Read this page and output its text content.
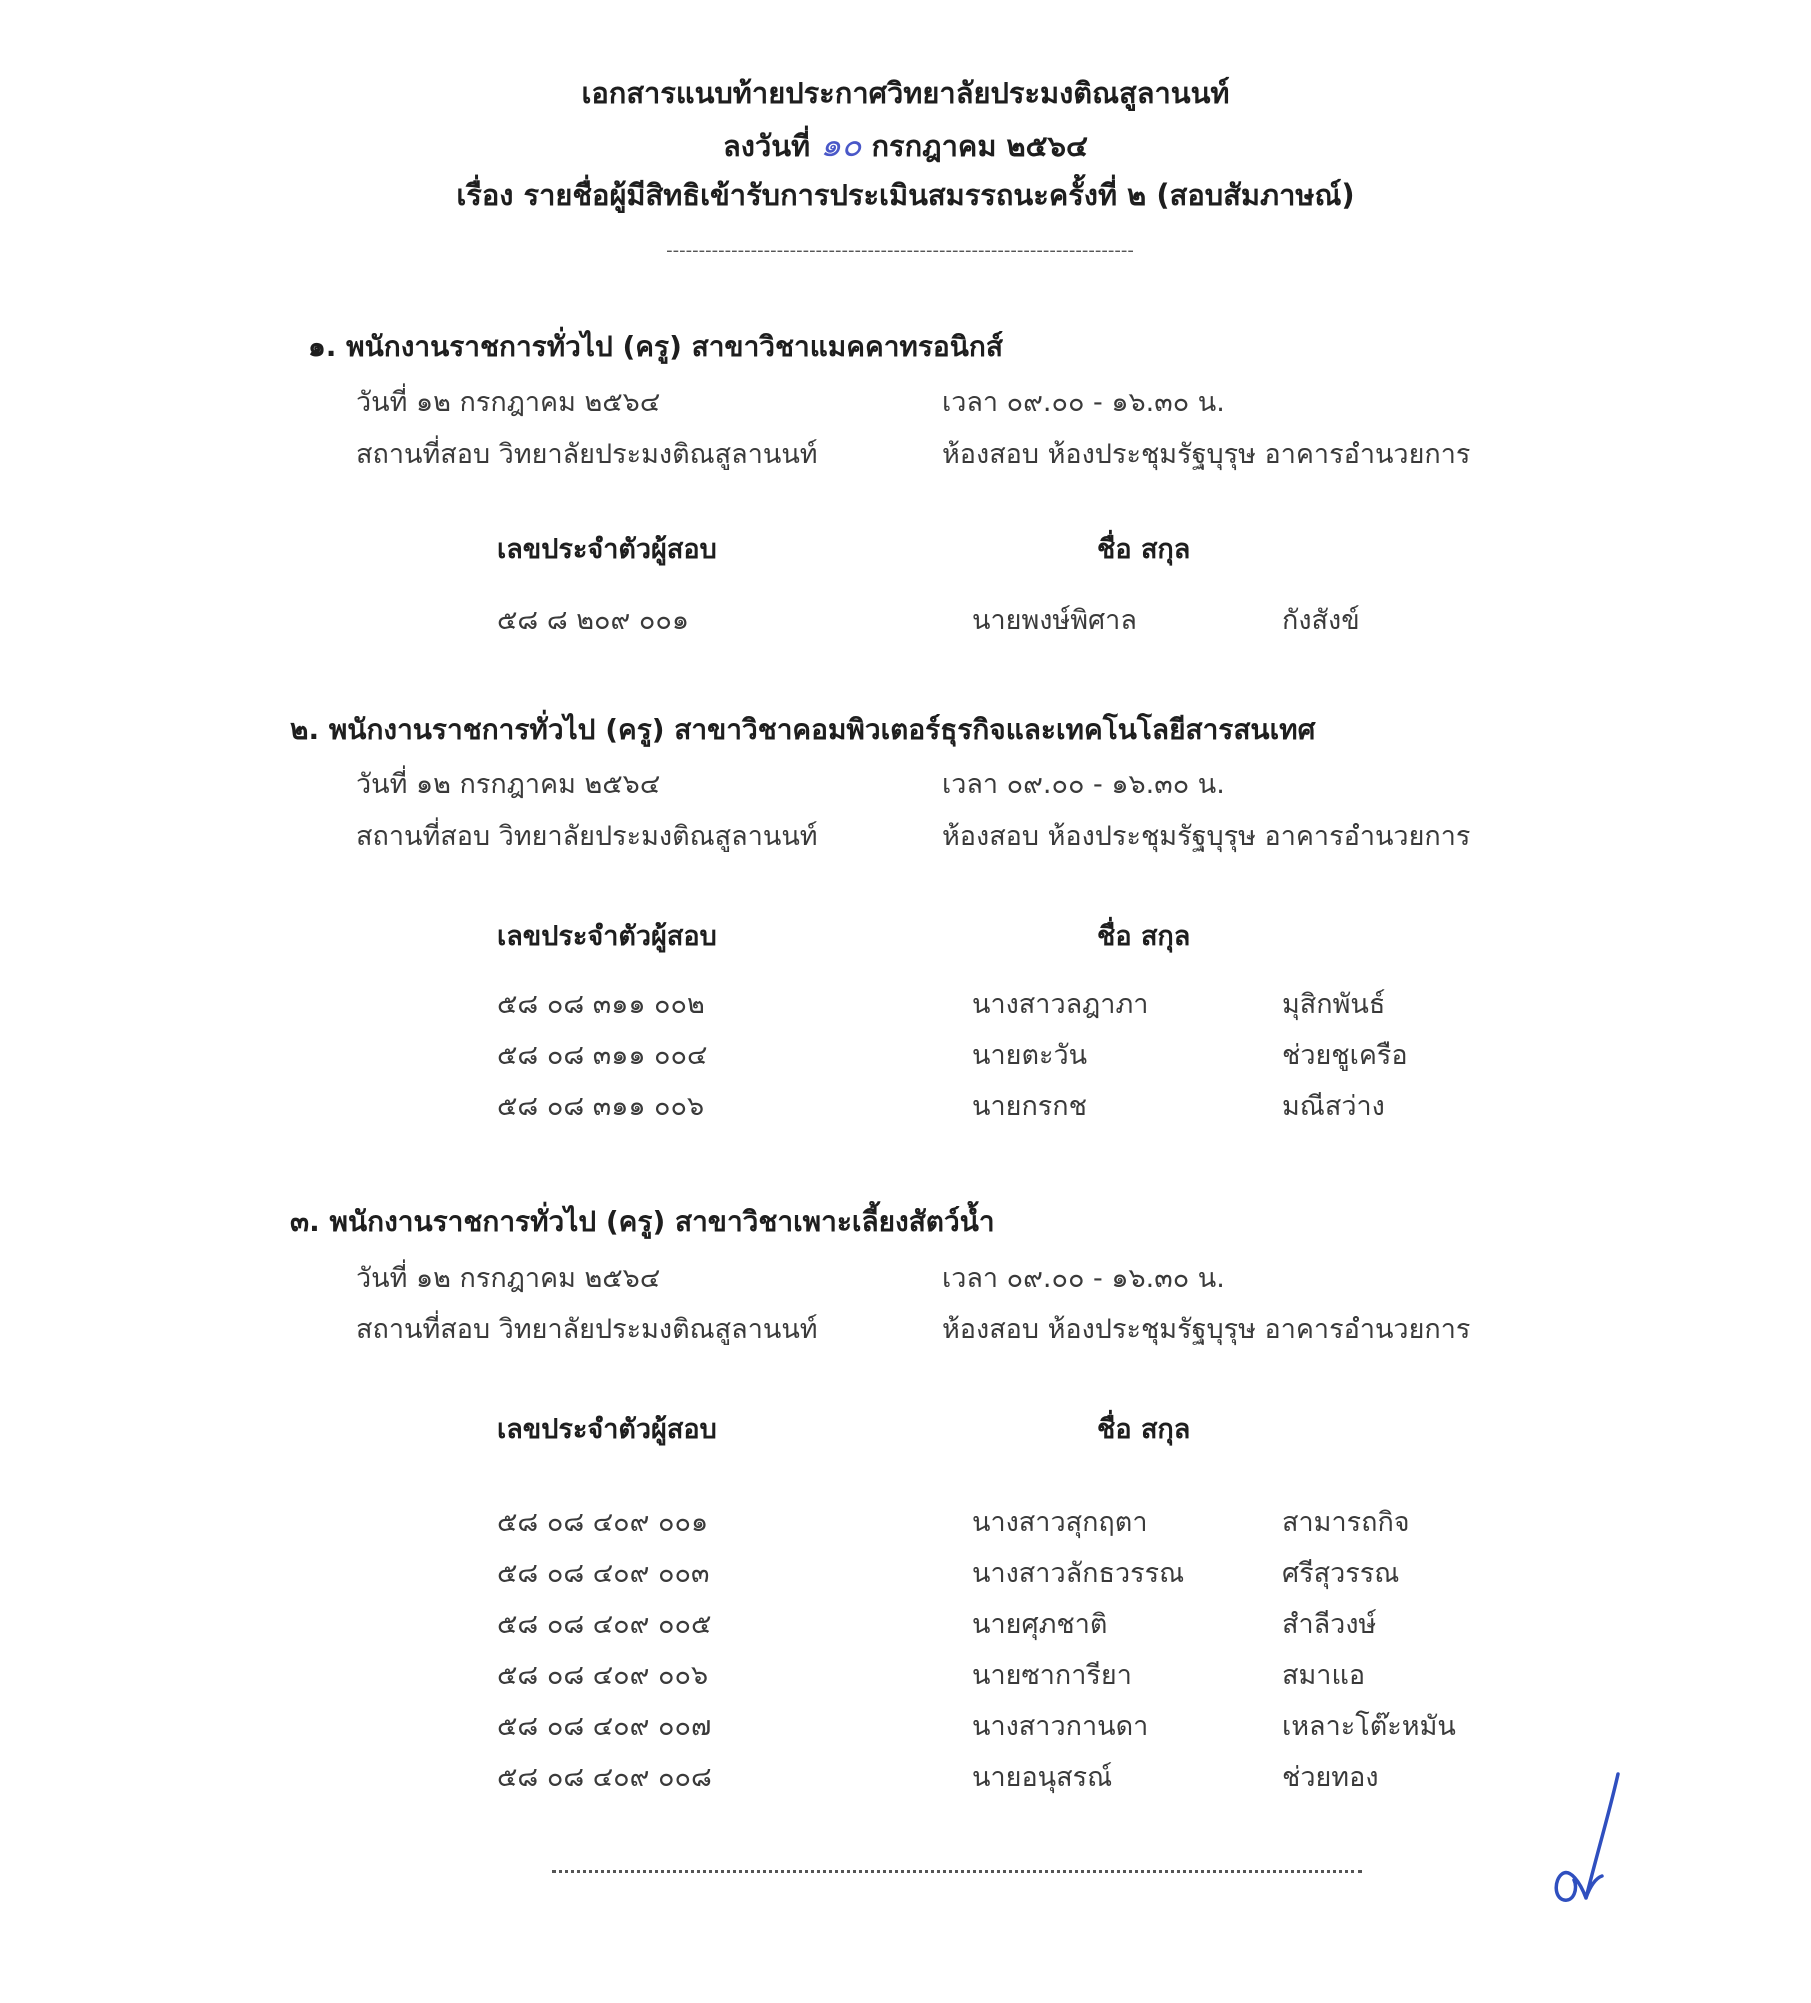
เอกสารแนบท้ายประกาศวิทยาลัยประมงติณสูลานนท์
ลงวันที่ ๑๐ กรกฎาคม ๒๕๖๔
เรื่อง รายชื่อผู้มีสิทธิเข้ารับการประเมินสมรรถนะครั้งที่ ๒ (สอบสัมภาษณ์)
------------------------------------------------------------------------
๑. พนักงานราชการทั่วไป (ครู) สาขาวิชาแมคคาทรอนิกส์
วันที่ ๑๒ กรกฎาคม ๒๕๖๔	เวลา ๐๙.๐๐ - ๑๖.๓๐ น.
สถานที่สอบ วิทยาลัยประมงติณสูลานนท์	ห้องสอบ ห้องประชุมรัฐบุรุษ อาคารอำนวยการ
เลขประจำตัวผู้สอบ	ชื่อ สกุล
๕๘ ๘ ๒๐๙ ๐๐๑	นายพงษ์พิศาล	กังสังข์
๒. พนักงานราชการทั่วไป (ครู) สาขาวิชาคอมพิวเตอร์ธุรกิจและเทคโนโลยีสารสนเทศ
วันที่ ๑๒ กรกฎาคม ๒๕๖๔	เวลา ๐๙.๐๐ - ๑๖.๓๐ น.
สถานที่สอบ วิทยาลัยประมงติณสูลานนท์	ห้องสอบ ห้องประชุมรัฐบุรุษ อาคารอำนวยการ
เลขประจำตัวผู้สอบ	ชื่อ สกุล
๕๘ ๐๘ ๓๑๑ ๐๐๒	นางสาวลฎาภา	มุสิกพันธ์
๕๘ ๐๘ ๓๑๑ ๐๐๔	นายตะวัน	ช่วยชูเครือ
๕๘ ๐๘ ๓๑๑ ๐๐๖	นายกรกช	มณีสว่าง
๓. พนักงานราชการทั่วไป (ครู) สาขาวิชาเพาะเลี้ยงสัตว์น้ำ
วันที่ ๑๒ กรกฎาคม ๒๕๖๔	เวลา ๐๙.๐๐ - ๑๖.๓๐ น.
สถานที่สอบ วิทยาลัยประมงติณสูลานนท์	ห้องสอบ ห้องประชุมรัฐบุรุษ อาคารอำนวยการ
เลขประจำตัวผู้สอบ	ชื่อ สกุล
๕๘ ๐๘ ๔๐๙ ๐๐๑	นางสาวสุกฤตา	สามารถกิจ
๕๘ ๐๘ ๔๐๙ ๐๐๓	นางสาวลักธวรรณ	ศรีสุวรรณ
๕๘ ๐๘ ๔๐๙ ๐๐๕	นายศุภชาติ	สำลีวงษ์
๕๘ ๐๘ ๔๐๙ ๐๐๖	นายซาการียา	สมาแอ
๕๘ ๐๘ ๔๐๙ ๐๐๗	นางสาวกานดา	เหลาะโต๊ะหมัน
๕๘ ๐๘ ๔๐๙ ๐๐๘	นายอนุสรณ์	ช่วยทอง
